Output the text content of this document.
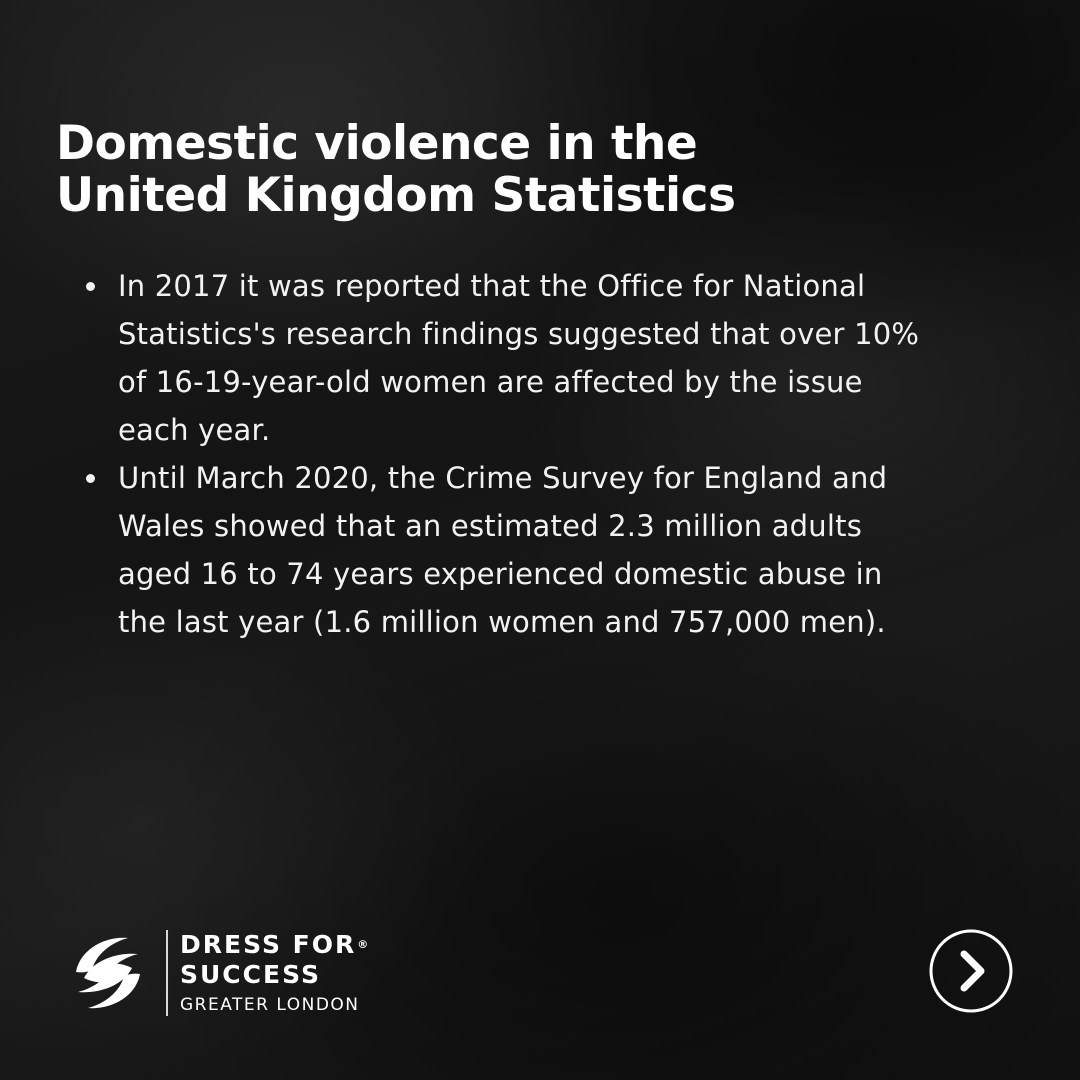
Domestic violence in the
United Kingdom Statistics
In 2017 it was reported that the Office for National
Statistics's research findings suggested that over 10%
of 16-19-year-old women are affected by the issue
each year.
Until March 2020, the Crime Survey for England and
Wales showed that an estimated 2.3 million adults
aged 16 to 74 years experienced domestic abuse in
the last year (1.6 million women and 757,000 men).
DRESS FOR®
SUCCESS
GREATER LONDON
